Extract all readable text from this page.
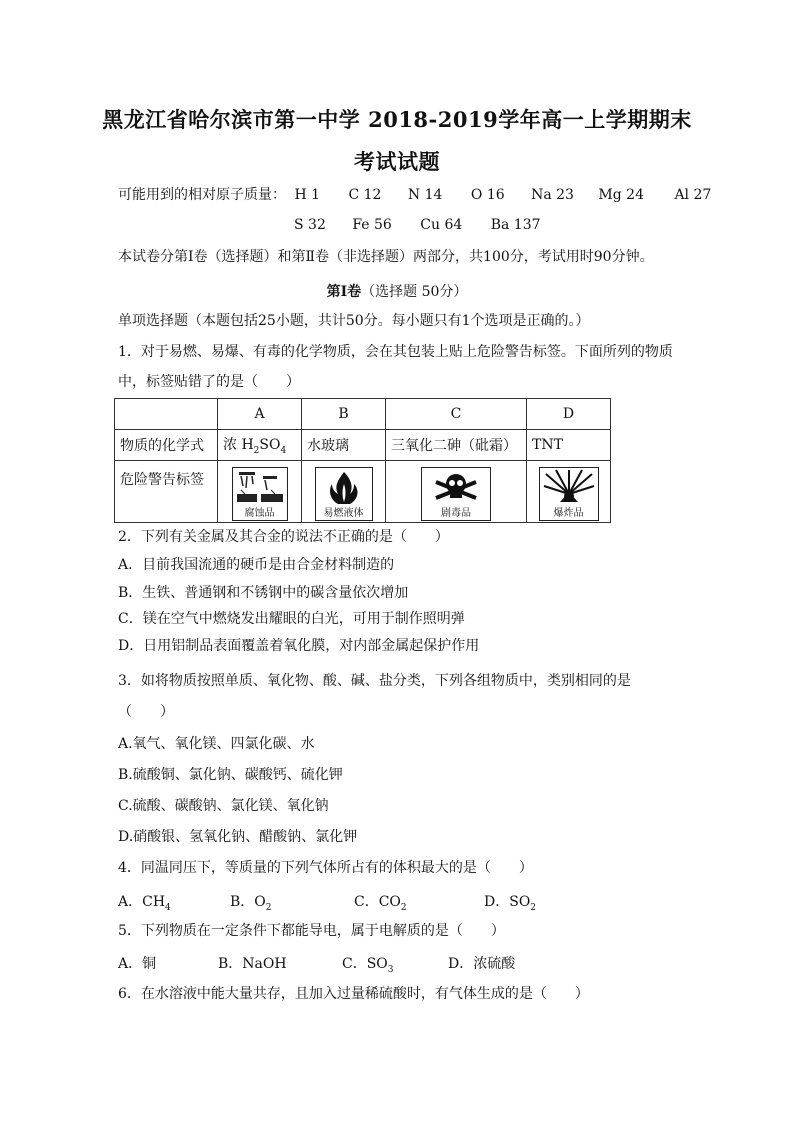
黑龙江省哈尔滨市第一中学 2018-2019学年高一上学期期末
考试试题
可能用到的相对原子质量： H 1 C 12 N 14 O 16 Na 23 Mg 24 Al 27
S 32 Fe 56 Cu 64 Ba 137
本试卷分第Ⅰ卷（选择题）和第Ⅱ卷（非选择题）两部分，共100分，考试用时90分钟。
第Ⅰ卷（选择题 50分）
单项选择题（本题包括25小题，共计50分。每小题只有1个选项是正确的。）
1．对于易燃、易爆、有毒的化学物质，会在其包装上贴上危险警告标签。下面所列的物质
中，标签贴错了的是（　　）
	A	B	C	D
物质的化学式	浓 $H_2SO_4$	水玻璃	三氧化二砷（砒霜）	TNT
危险警告标签	腐蚀品	易燃液体	剧毒品	爆炸品
2．下列有关金属及其合金的说法不正确的是（　　）
A．目前我国流通的硬币是由合金材料制造的
B．生铁、普通钢和不锈钢中的碳含量依次增加
C．镁在空气中燃烧发出耀眼的白光，可用于制作照明弹
D．日用铝制品表面覆盖着氧化膜，对内部金属起保护作用
3．如将物质按照单质、氧化物、酸、碱、盐分类，下列各组物质中，类别相同的是
（　　）
A.氧气、氧化镁、四氯化碳、水
B.硫酸铜、氯化钠、碳酸钙、硫化钾
C.硫酸、碳酸钠、氯化镁、氧化钠
D.硝酸银、氢氧化钠、醋酸钠、氯化钾
4．同温同压下，等质量的下列气体所占有的体积最大的是（　　）
A．$CH_4$	B．$O_2$	C．$CO_2$	D．$SO_2$
5．下列物质在一定条件下都能导电，属于电解质的是（　　）
A．铜	B．NaOH	C．$SO_3$	D．浓硫酸
6．在水溶液中能大量共存，且加入过量稀硫酸时，有气体生成的是（　　）
